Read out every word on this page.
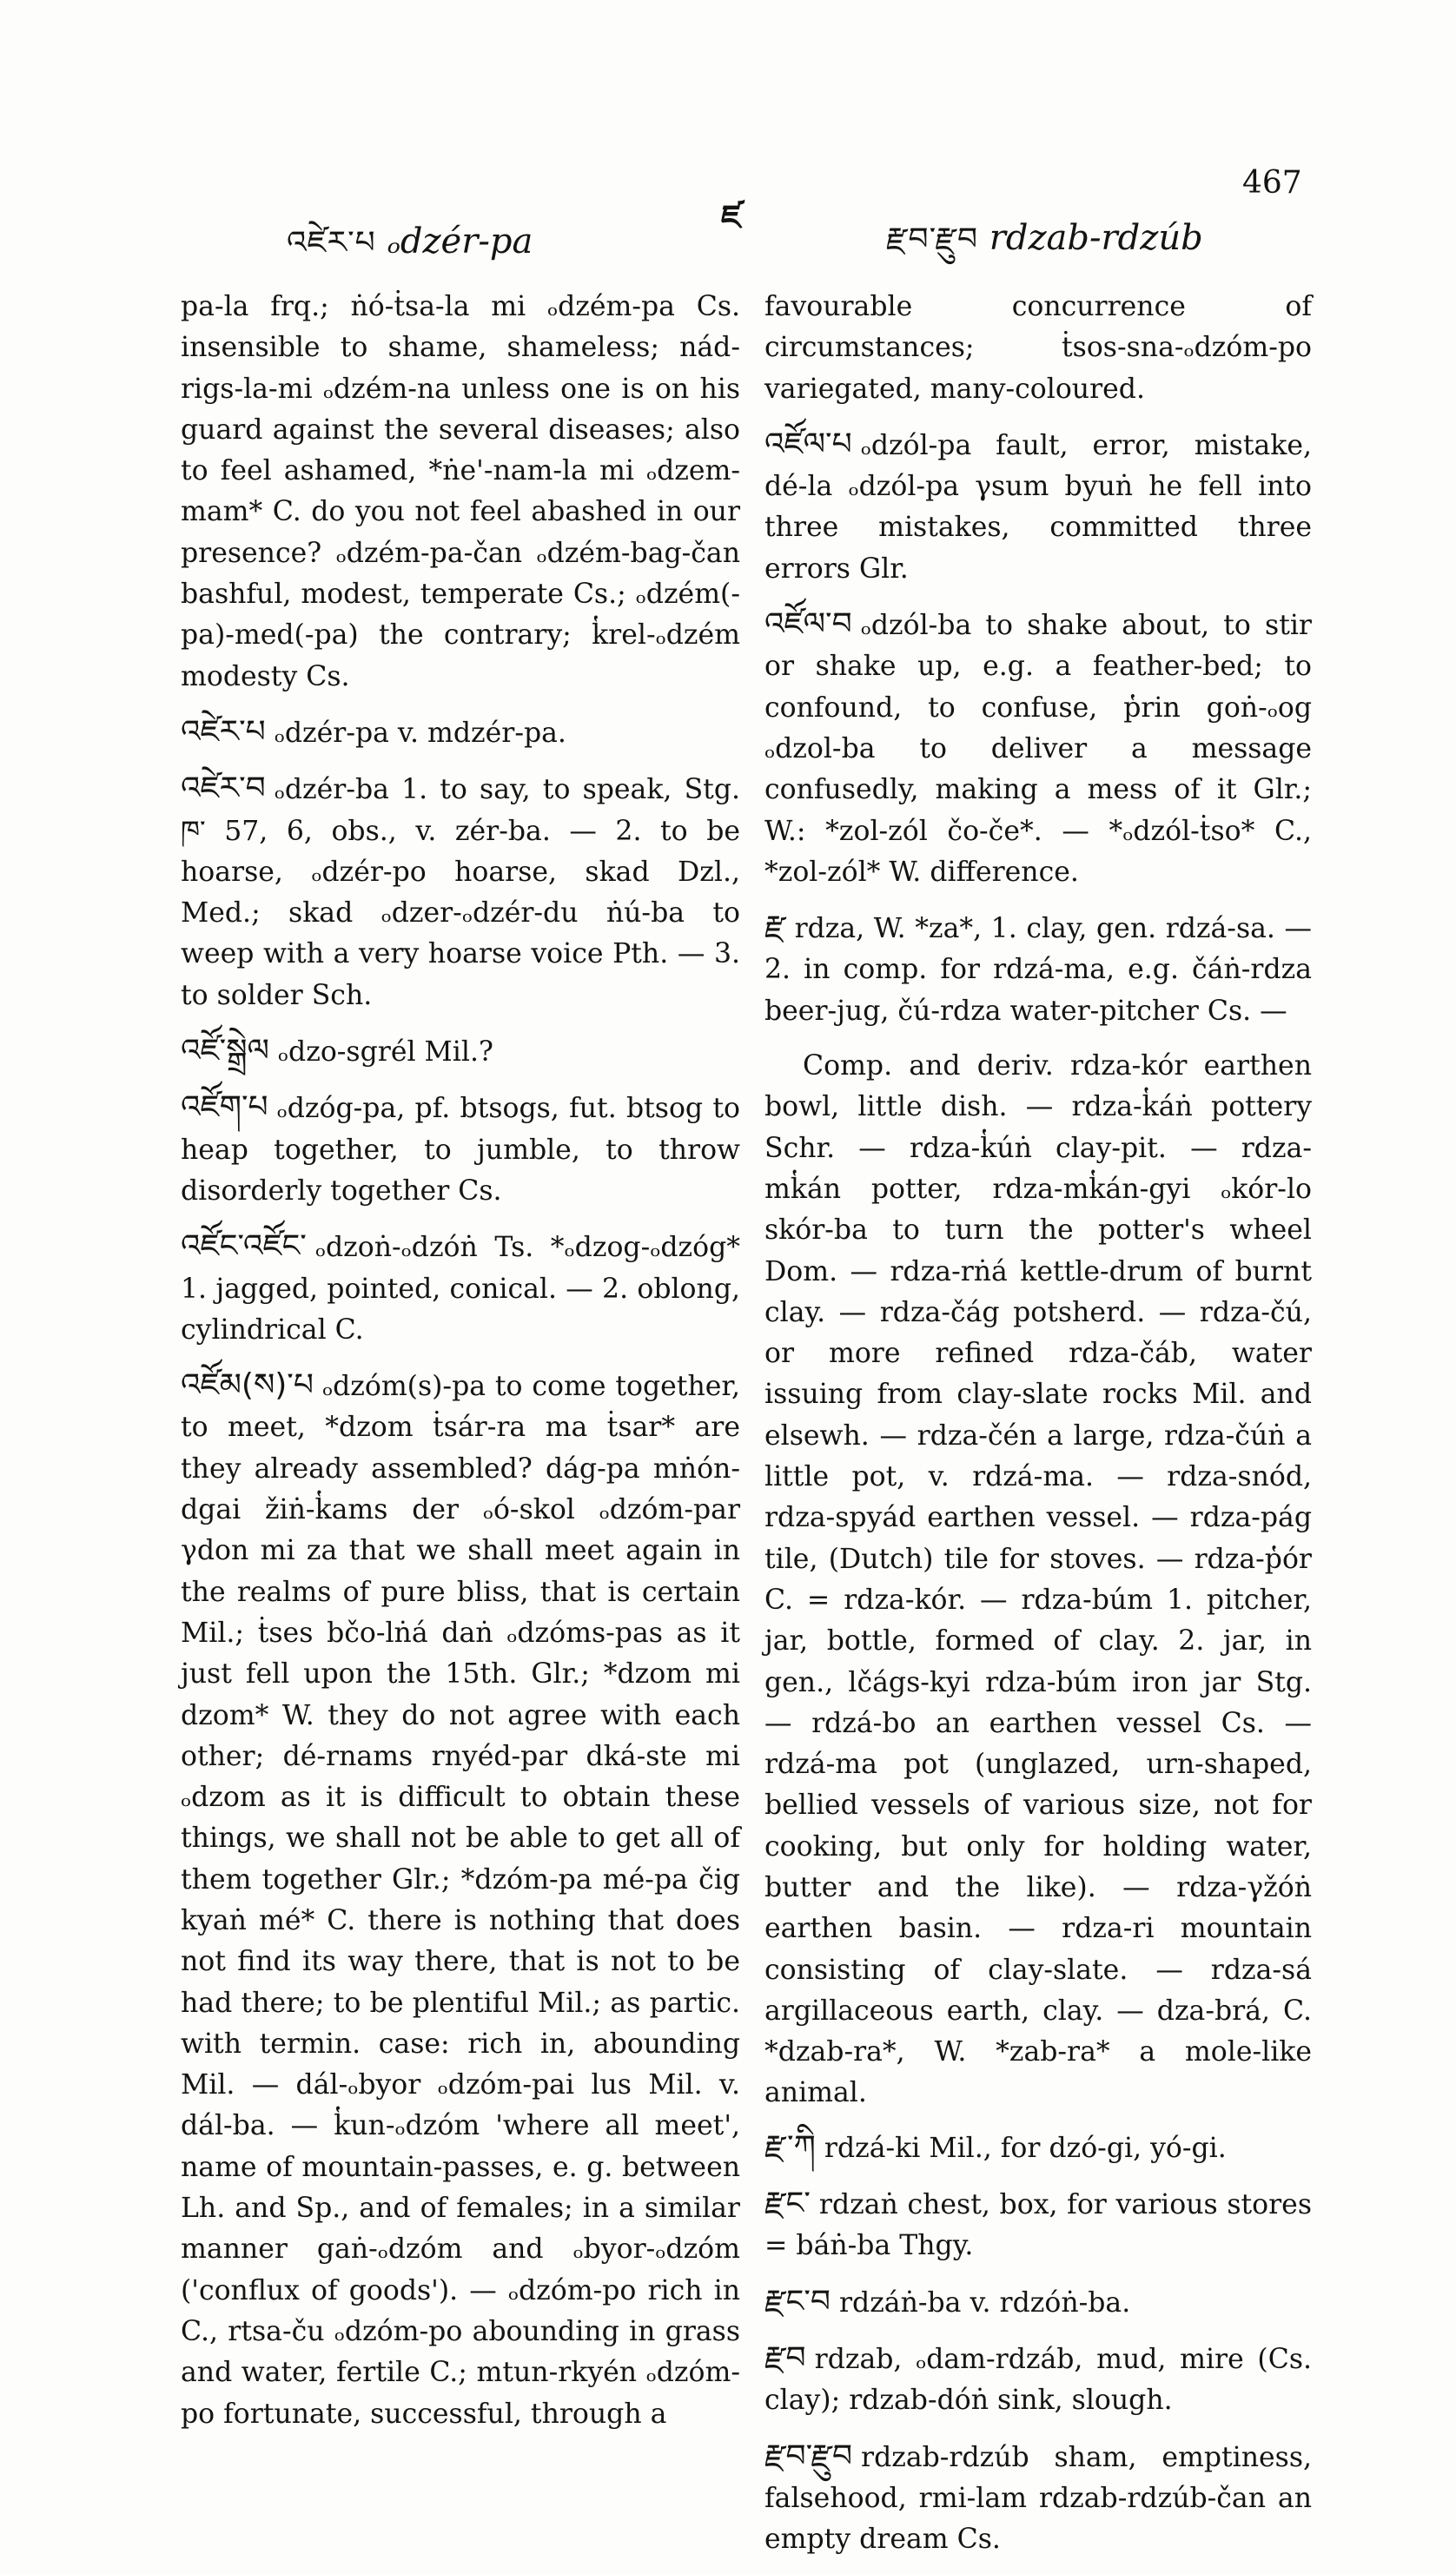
འཛེར་པ ₒdzér-pa
ཛ
རྫབ་རྫུབ rdzab-rdzúb
467

pa-la frq.; ṅó-ṫsa-la mi ₒdzém-pa Cs. insensible to shame, shameless; nád-rigs-la-mi ₒdzém-na unless one is on his guard against the several diseases; also to feel ashamed, *ṅe'-nam-la mi ₒdzem-mam* C. do you not feel abashed in our presence? ₒdzém-pa-čan ₒdzém-bag-čan bashful, modest, temperate Cs.; ₒdzém(-pa)-med(-pa) the contrary; k̔rel-ₒdzém modesty Cs.

འཛེར་པ ₒdzér-pa v. mdzér-pa.

འཛེར་བ ₒdzér-ba 1. to say, to speak, Stg. ཁ་ 57, 6, obs., v. zér-ba. — 2. to be hoarse, ₒdzér-po hoarse, skad Dzl., Med.; skad ₒdzer-ₒdzér-du ṅú-ba to weep with a very hoarse voice Pth. — 3. to solder Sch.

འཛོ་སྒྲེལ ₒdzo-sgrél Mil.?

འཛོག་པ ₒdzóg-pa, pf. btsogs, fut. btsog to heap together, to jumble, to throw disorderly together Cs.

འཛོང་འཛོང་ ₒdzoṅ-ₒdzóṅ Ts. *ₒdzog-ₒdzóg* 1. jagged, pointed, conical. — 2. oblong, cylindrical C.

འཛོམ(ས)་པ ₒdzóm(s)-pa to come together, to meet, *dzom ṫsár-ra ma ṫsar* are they already assembled? dág-pa mṅón-dgai žiṅ-k̔ams der ₒó-skol ₒdzóm-par γdon mi za that we shall meet again in the realms of pure bliss, that is certain Mil.; ṫses bčo-lṅá daṅ ₒdzóms-pas as it just fell upon the 15th. Glr.; *dzom mi dzom* W. they do not agree with each other; dé-rnams rnyéd-par dká-ste mi ₒdzom as it is difficult to obtain these things, we shall not be able to get all of them together Glr.; *dzóm-pa mé-pa čig kyaṅ mé* C. there is nothing that does not find its way there, that is not to be had there; to be plentiful Mil.; as partic. with termin. case: rich in, abounding Mil. — dál-ₒbyor ₒdzóm-pai lus Mil. v. dál-ba. — k̔un-ₒdzóm 'where all meet', name of mountain-passes, e. g. between Lh. and Sp., and of females; in a similar manner gaṅ-ₒdzóm and ₒbyor-ₒdzóm ('conflux of goods'). — ₒdzóm-po rich in C., rtsa-ču ₒdzóm-po abounding in grass and water, fertile C.; mtun-rkyén ₒdzóm-po fortunate, successful, through a

favourable concurrence of circumstances; ṫsos-sna-ₒdzóm-po variegated, many-coloured.

འཛོལ་པ ₒdzól-pa fault, error, mistake, dé-la ₒdzól-pa γsum byuṅ he fell into three mistakes, committed three errors Glr.

འཛོལ་བ ₒdzól-ba to shake about, to stir or shake up, e.g. a feather-bed; to confound, to confuse, p̔rin goṅ-ₒog ₒdzol-ba to deliver a message confusedly, making a mess of it Glr.; W.: *zol-zól čo-če*. — *ₒdzól-ṫso* C., *zol-zól* W. difference.

རྫ rdza, W. *za*, 1. clay, gen. rdzá-sa. — 2. in comp. for rdzá-ma, e.g. čáṅ-rdza beer-jug, čú-rdza water-pitcher Cs. —

Comp. and deriv. rdza-kór earthen bowl, little dish. — rdza-k̔áṅ pottery Schr. — rdza-k̔úṅ clay-pit. — rdza-mk̔án potter, rdza-mk̔án-gyi ₒkór-lo skór-ba to turn the potter's wheel Dom. — rdza-rṅá kettle-drum of burnt clay. — rdza-čág potsherd. — rdza-čú, or more refined rdza-čáb, water issuing from clay-slate rocks Mil. and elsewh. — rdza-čén a large, rdza-čúṅ a little pot, v. rdzá-ma. — rdza-snód, rdza-spyád earthen vessel. — rdza-pág tile, (Dutch) tile for stoves. — rdza-p̔ór C. = rdza-kór. — rdza-búm 1. pitcher, jar, bottle, formed of clay. 2. jar, in gen., lčágs-kyi rdza-búm iron jar Stg. — rdzá-bo an earthen vessel Cs. — rdzá-ma pot (unglazed, urn-shaped, bellied vessels of various size, not for cooking, but only for holding water, butter and the like). — rdza-γžóṅ earthen basin. — rdza-ri mountain consisting of clay-slate. — rdza-sá argillaceous earth, clay. — dza-brá, C. *dzab-ra*, W. *zab-ra* a mole-like animal.

རྫ་ཀི rdzá-ki Mil., for dzó-gi, yó-gi.

རྫང་ rdzaṅ chest, box, for various stores = báṅ-ba Thgy.

རྫང་བ rdzáṅ-ba v. rdzóṅ-ba.

རྫབ rdzab, ₒdam-rdzáb, mud, mire (Cs. clay); rdzab-dóṅ sink, slough.

རྫབ་རྫུབ rdzab-rdzúb sham, emptiness, falsehood, rmi-lam rdzab-rdzúb-čan an empty dream Cs.
